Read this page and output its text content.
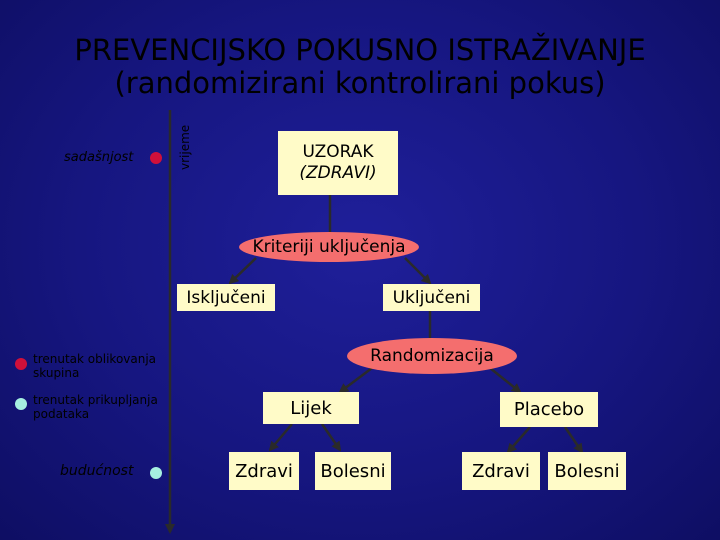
PREVENCIJSKO POKUSNO ISTRAŽIVANJE
(randomizirani kontrolirani pokus)
vrijeme
sadašnjost
trenutak oblikovanja skupina
trenutak prikupljanja podataka
budućnost
UZORAK
(ZDRAVI)
Kriteriji uključenja
Isključeni	Uključeni
Randomizacija
Lijek	Placebo
Zdravi Bolesni	Zdravi Bolesni
